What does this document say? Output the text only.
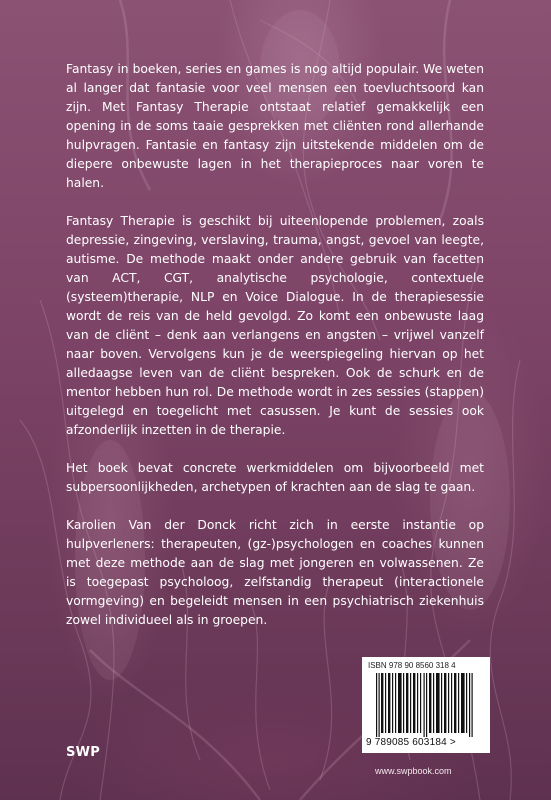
Fantasy in boeken, series en games is nog altijd populair. We weten al langer dat fantasie voor veel mensen een toevluchtsoord kan zijn. Met Fantasy Therapie ontstaat relatief gemakkelijk een opening in de soms taaie gesprekken met cliënten rond allerhande hulpvragen. Fantasie en fantasy zijn uitstekende middelen om de diepere onbewuste lagen in het therapieproces naar voren te halen.

Fantasy Therapie is geschikt bij uiteenlopende problemen, zoals depressie, zingeving, verslaving, trauma, angst, gevoel van leegte, autisme. De methode maakt onder andere gebruik van facetten van ACT, CGT, analytische psychologie, contextuele (systeem)therapie, NLP en Voice Dialogue. In de therapiesessie wordt de reis van de held gevolgd. Zo komt een onbewuste laag van de cliënt – denk aan verlangens en angsten – vrijwel vanzelf naar boven. Vervolgens kun je de weerspiegeling hiervan op het alledaagse leven van de cliënt bespreken. Ook de schurk en de mentor hebben hun rol. De methode wordt in zes sessies (stappen) uitgelegd en toegelicht met casussen. Je kunt de sessies ook afzonderlijk inzetten in de therapie.

Het boek bevat concrete werkmiddelen om bijvoorbeeld met subpersoonlijkheden, archetypen of krachten aan de slag te gaan.

Karolien Van der Donck richt zich in eerste instantie op hulpverleners: therapeuten, (gz-)psychologen en coaches kunnen met deze methode aan de slag met jongeren en volwassenen. Ze is toegepast psycholoog, zelfstandig therapeut (interactionele vormgeving) en begeleidt mensen in een psychiatrisch ziekenhuis zowel individueel als in groepen.

ISBN 978 90 8560 318 4
9 789085 603184 >
SWP
www.swpbook.com
